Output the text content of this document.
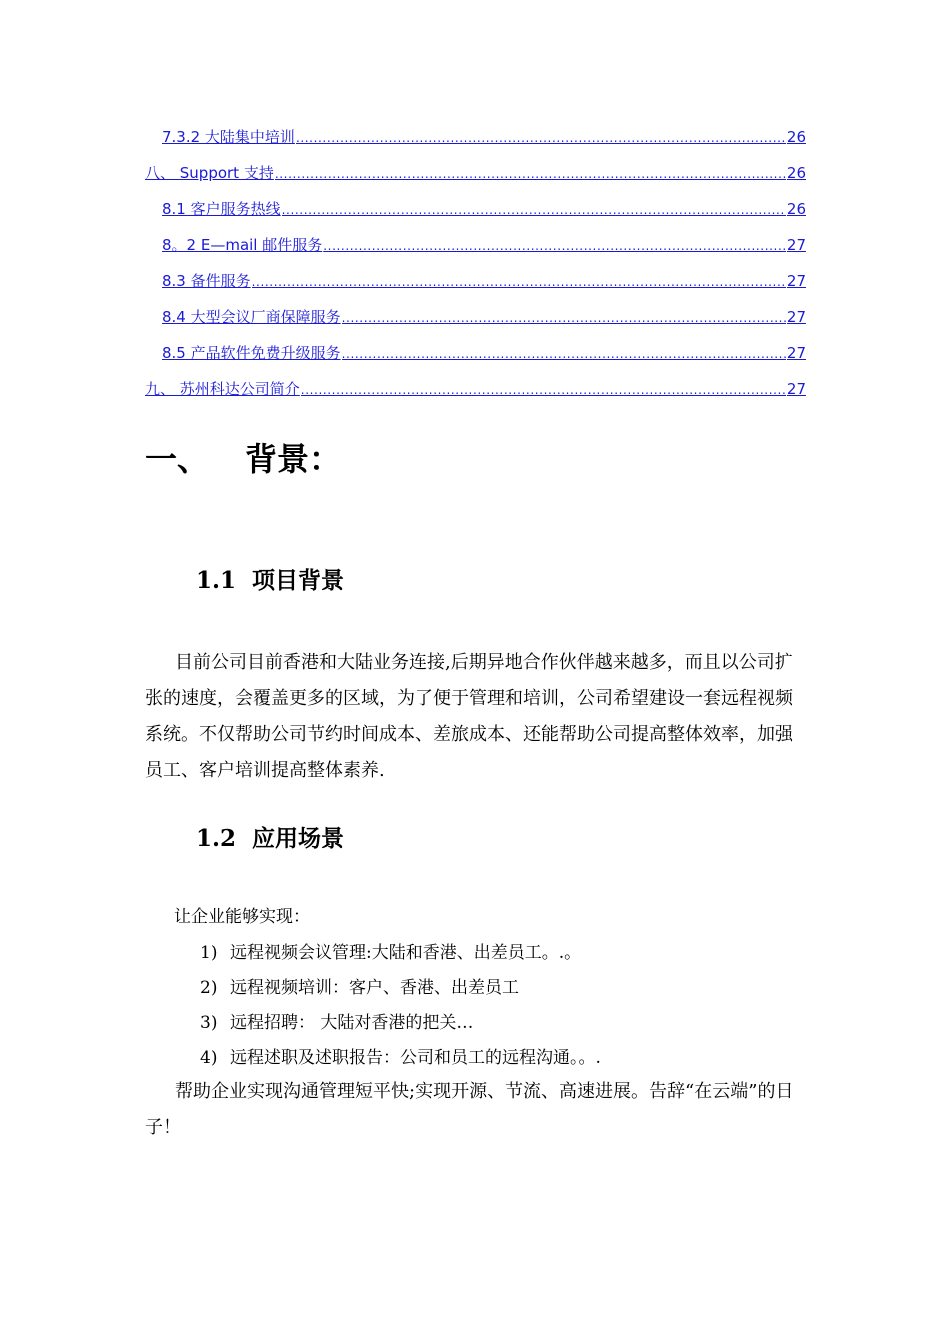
7.3.2 大陆集中培训 .....	26
八、 Support 支持 .....	26
8.1 客户服务热线 .....	26
8。2 E—mail 邮件服务 .....	27
8.3 备件服务 .....	27
8.4 大型会议厂商保障服务 .....	27
8.5 产品软件免费升级服务 .....	27
九、 苏州科达公司简介 .....	27
一、 背景：
1.1 项目背景
目前公司目前香港和大陆业务连接,后期异地合作伙伴越来越多，而且以公司扩张的速度，会覆盖更多的区域，为了便于管理和培训，公司希望建设一套远程视频系统。不仅帮助公司节约时间成本、差旅成本、还能帮助公司提高整体效率，加强员工、客户培训提高整体素养.
1.2 应用场景
让企业能够实现：
1) 远程视频会议管理:大陆和香港、出差员工。.。
2) 远程视频培训：客户、香港、出差员工
3) 远程招聘： 大陆对香港的把关…
4) 远程述职及述职报告：公司和员工的远程沟通。。.
帮助企业实现沟通管理短平快;实现开源、节流、高速进展。告辞“在云端”的日子！
